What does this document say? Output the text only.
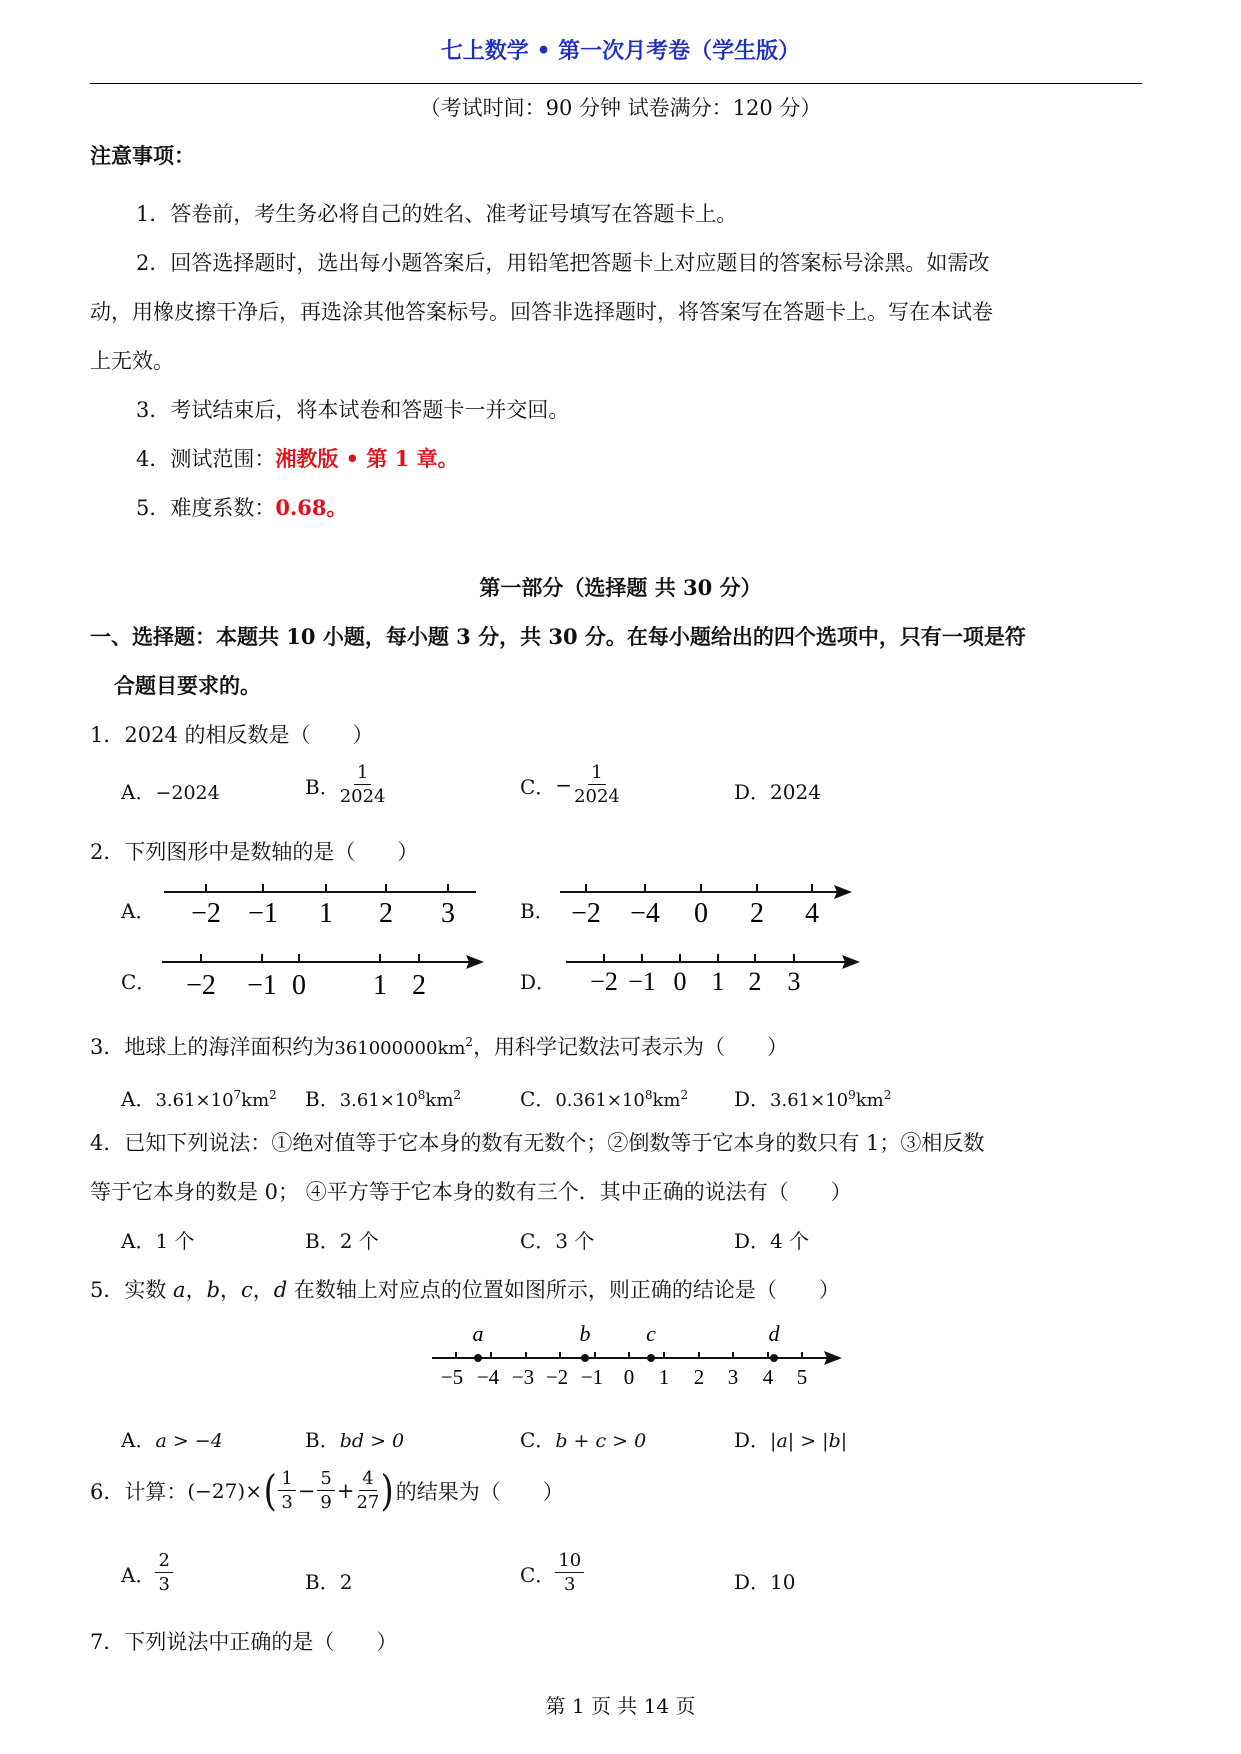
七上数学 • 第一次月考卷（学生版）
（考试时间：90 分钟 试卷满分：120 分）
注意事项：
1．答卷前，考生务必将自己的姓名、准考证号填写在答题卡上。
2．回答选择题时，选出每小题答案后，用铅笔把答题卡上对应题目的答案标号涂黑。如需改
动，用橡皮擦干净后，再选涂其他答案标号。回答非选择题时，将答案写在答题卡上。写在本试卷
上无效。
3．考试结束后，将本试卷和答题卡一并交回。
4．测试范围：湘教版 • 第 1 章。
5．难度系数：0.68。
第一部分（选择题 共 30 分）
一、选择题：本题共 10 小题，每小题 3 分，共 30 分。在每小题给出的四个选项中，只有一项是符
合题目要求的。
1．2024 的相反数是（　　）
A．−2024	B． $\frac{1}{2024}$	C． − $\frac{1}{2024}$	D．2024
2．下列图形中是数轴的是（　　）
A． −2 −1 1 2 3	B． −2 −4 0 2 4
C． −2 −1 0 1 2	D． −2 −1 0 1 2 3
3．地球上的海洋面积约为$361000000km^2$，用科学记数法可表示为（　　）
A．$3.61\times 10^7km^2$ B．$3.61\times 10^8km^2$	C．$0.361\times 10^8km^2$ D．$3.61\times 10^9km^2$
4．已知下列说法：①绝对值等于它本身的数有无数个；②倒数等于它本身的数只有 1；③相反数
等于它本身的数是 0； ④平方等于它本身的数有三个．其中正确的说法有（　　）
A．1 个	B．2 个	C．3 个	D．4 个
5．实数 a，b，c，d 在数轴上对应点的位置如图所示，则正确的结论是（　　）
a	b	c	d
−5 −4 −3 −2 −1 0 1 2 3 4 5
A．a > −4	B．bd > 0	C．b + c > 0	D．|a| > |b|
6．计算： (−27)× ( $\frac{1}{3} - \frac{5}{9} + \frac{4}{27}$ ) 的结果为（　　）
A． $\frac{2}{3}$	B．2	C． $\frac{10}{3}$	D．10
7．下列说法中正确的是（　　）
第 1 页 共 14 页
